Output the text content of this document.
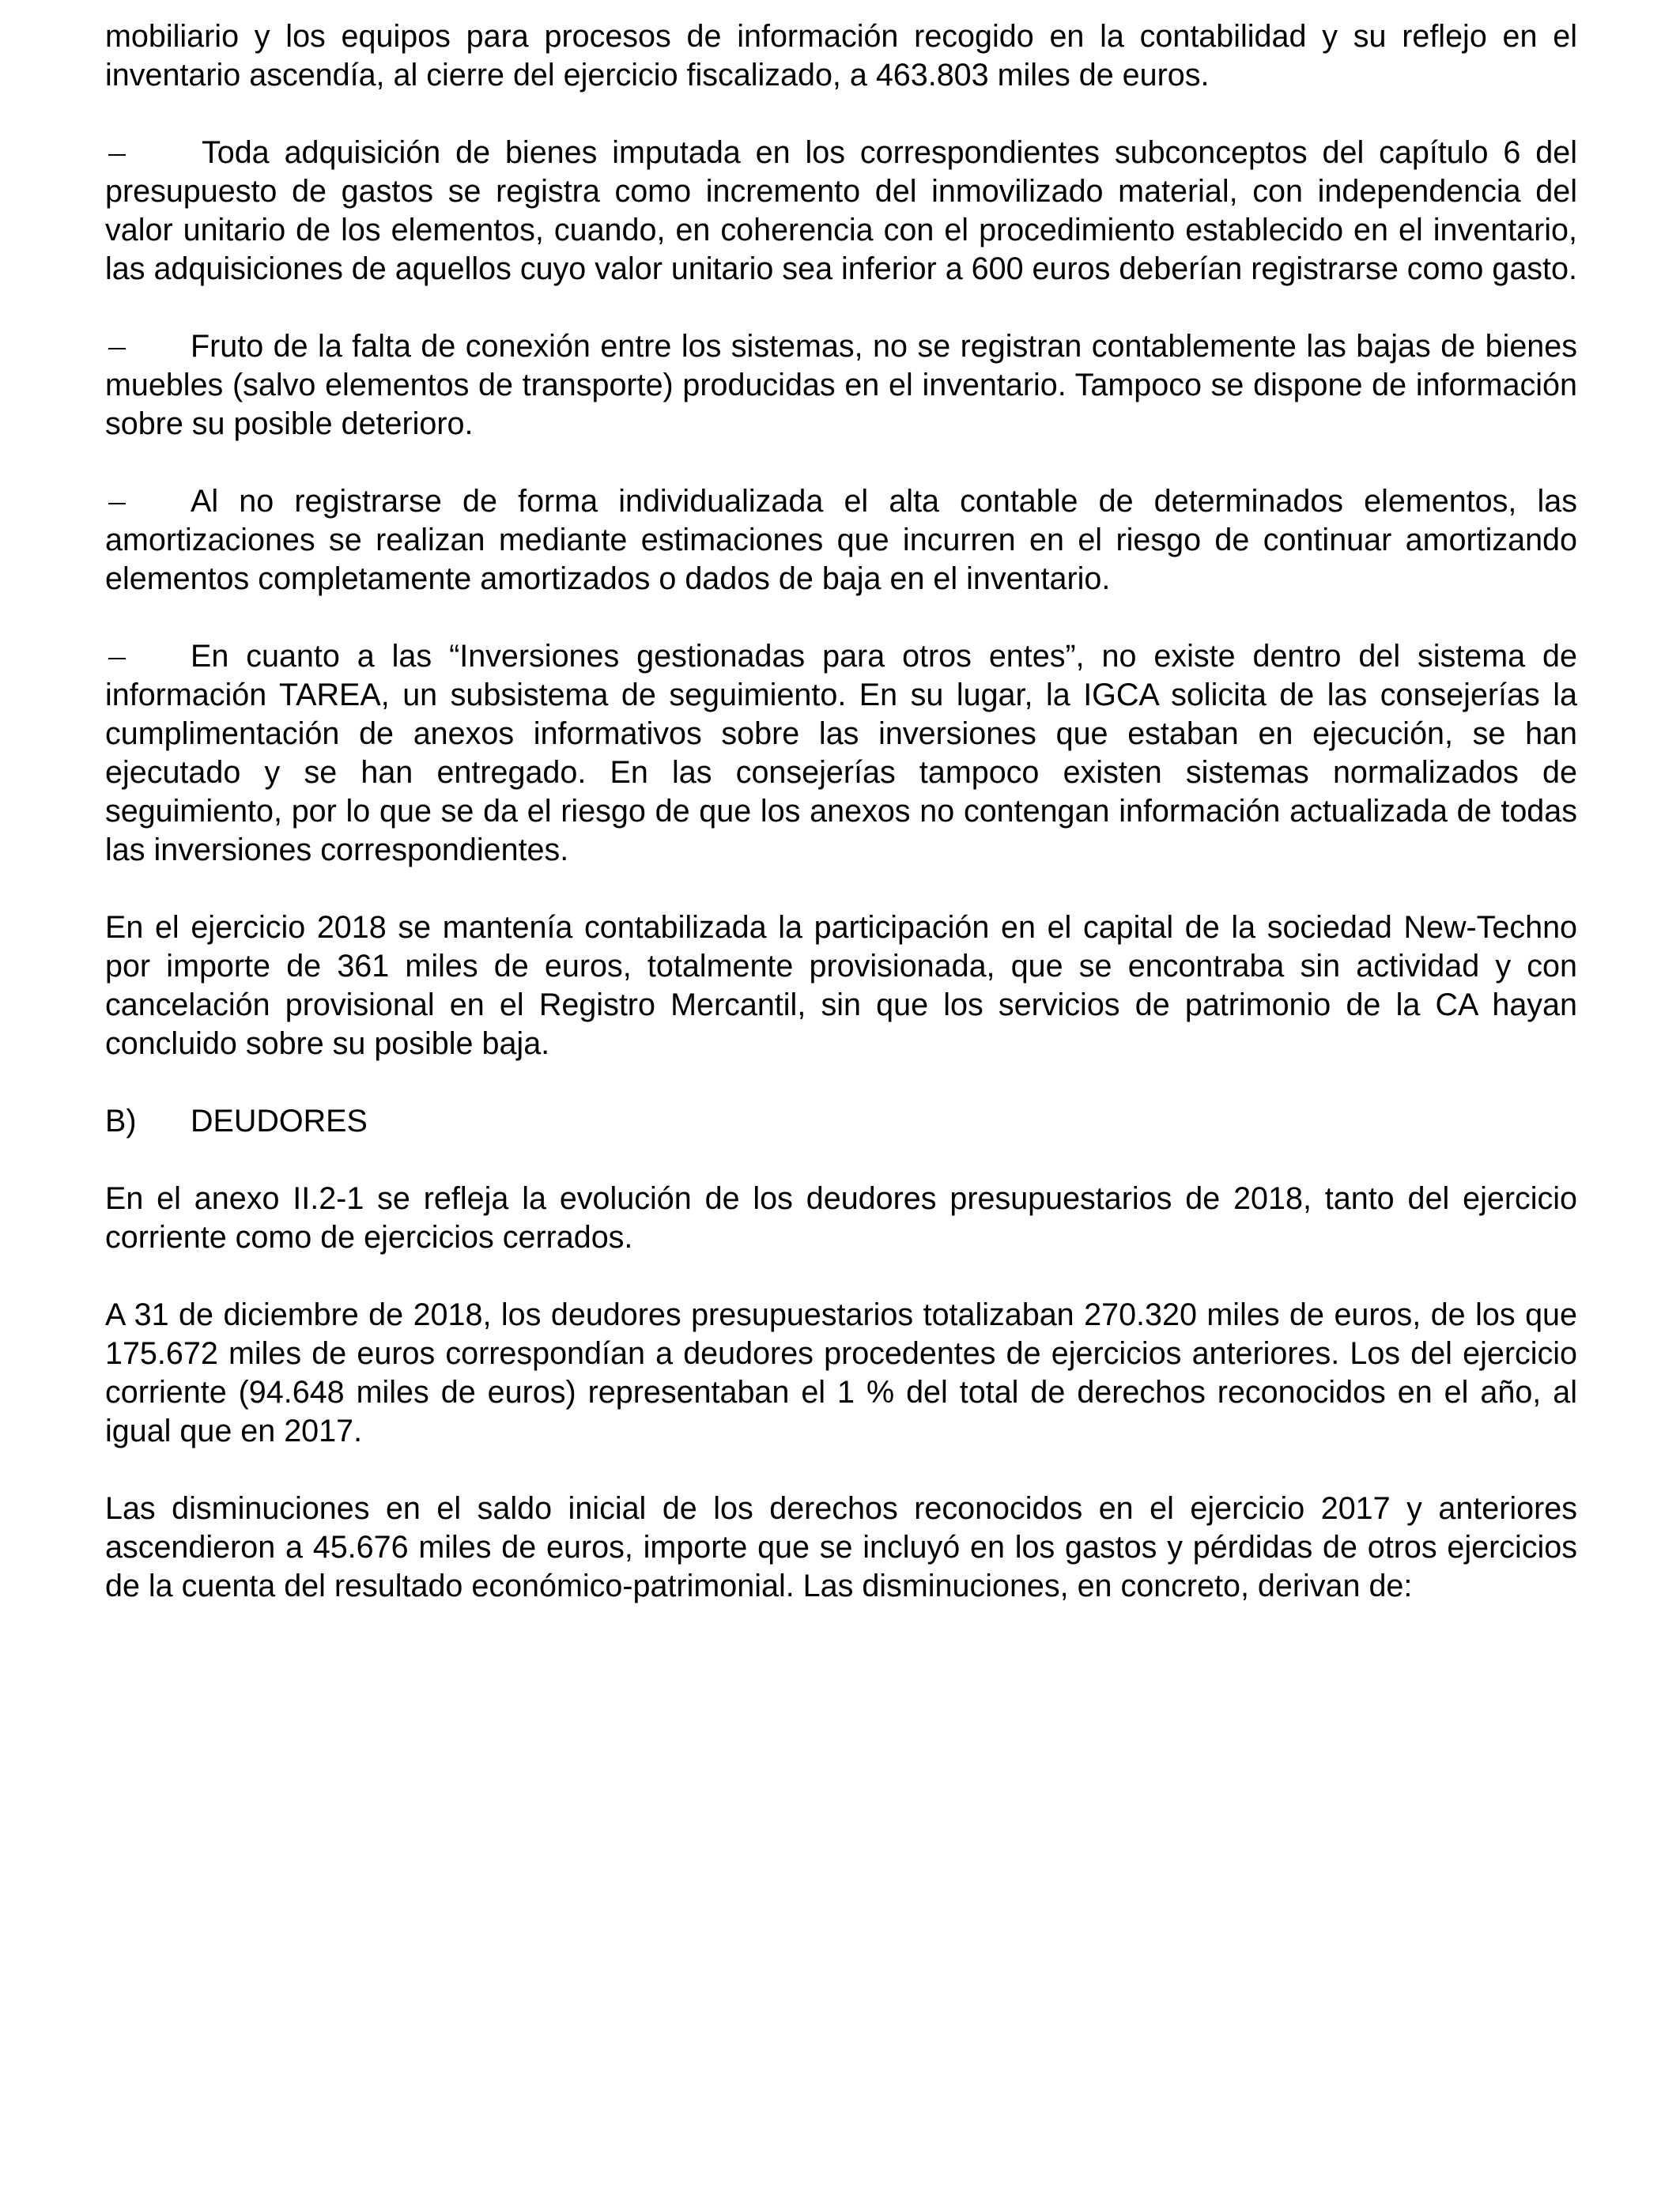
mobiliario y los equipos para procesos de información recogido en la contabilidad y su reflejo en el inventario ascendía, al cierre del ejercicio fiscalizado, a 463.803 miles de euros.

Toda adquisición de bienes imputada en los correspondientes subconceptos del capítulo 6 del presupuesto de gastos se registra como incremento del inmovilizado material, con independencia del valor unitario de los elementos, cuando, en coherencia con el procedimiento establecido en el inventario, las adquisiciones de aquellos cuyo valor unitario sea inferior a 600 euros deberían registrarse como gasto.

Fruto de la falta de conexión entre los sistemas, no se registran contablemente las bajas de bienes muebles (salvo elementos de transporte) producidas en el inventario. Tampoco se dispone de información sobre su posible deterioro.

Al no registrarse de forma individualizada el alta contable de determinados elementos, las amortizaciones se realizan mediante estimaciones que incurren en el riesgo de continuar amortizando elementos completamente amortizados o dados de baja en el inventario.

En cuanto a las “Inversiones gestionadas para otros entes”, no existe dentro del sistema de información TAREA, un subsistema de seguimiento. En su lugar, la IGCA solicita de las consejerías la cumplimentación de anexos informativos sobre las inversiones que estaban en ejecución, se han ejecutado y se han entregado. En las consejerías tampoco existen sistemas normalizados de seguimiento, por lo que se da el riesgo de que los anexos no contengan información actualizada de todas las inversiones correspondientes.

En el ejercicio 2018 se mantenía contabilizada la participación en el capital de la sociedad New-Techno por importe de 361 miles de euros, totalmente provisionada, que se encontraba sin actividad y con cancelación provisional en el Registro Mercantil, sin que los servicios de patrimonio de la CA hayan concluido sobre su posible baja.

B) DEUDORES

En el anexo II.2-1 se refleja la evolución de los deudores presupuestarios de 2018, tanto del ejercicio corriente como de ejercicios cerrados.

A 31 de diciembre de 2018, los deudores presupuestarios totalizaban 270.320 miles de euros, de los que 175.672 miles de euros correspondían a deudores procedentes de ejercicios anteriores. Los del ejercicio corriente (94.648 miles de euros) representaban el 1 % del total de derechos reconocidos en el año, al igual que en 2017.

Las disminuciones en el saldo inicial de los derechos reconocidos en el ejercicio 2017 y anteriores ascendieron a 45.676 miles de euros, importe que se incluyó en los gastos y pérdidas de otros ejercicios de la cuenta del resultado económico-patrimonial. Las disminuciones, en concreto, derivan de:
